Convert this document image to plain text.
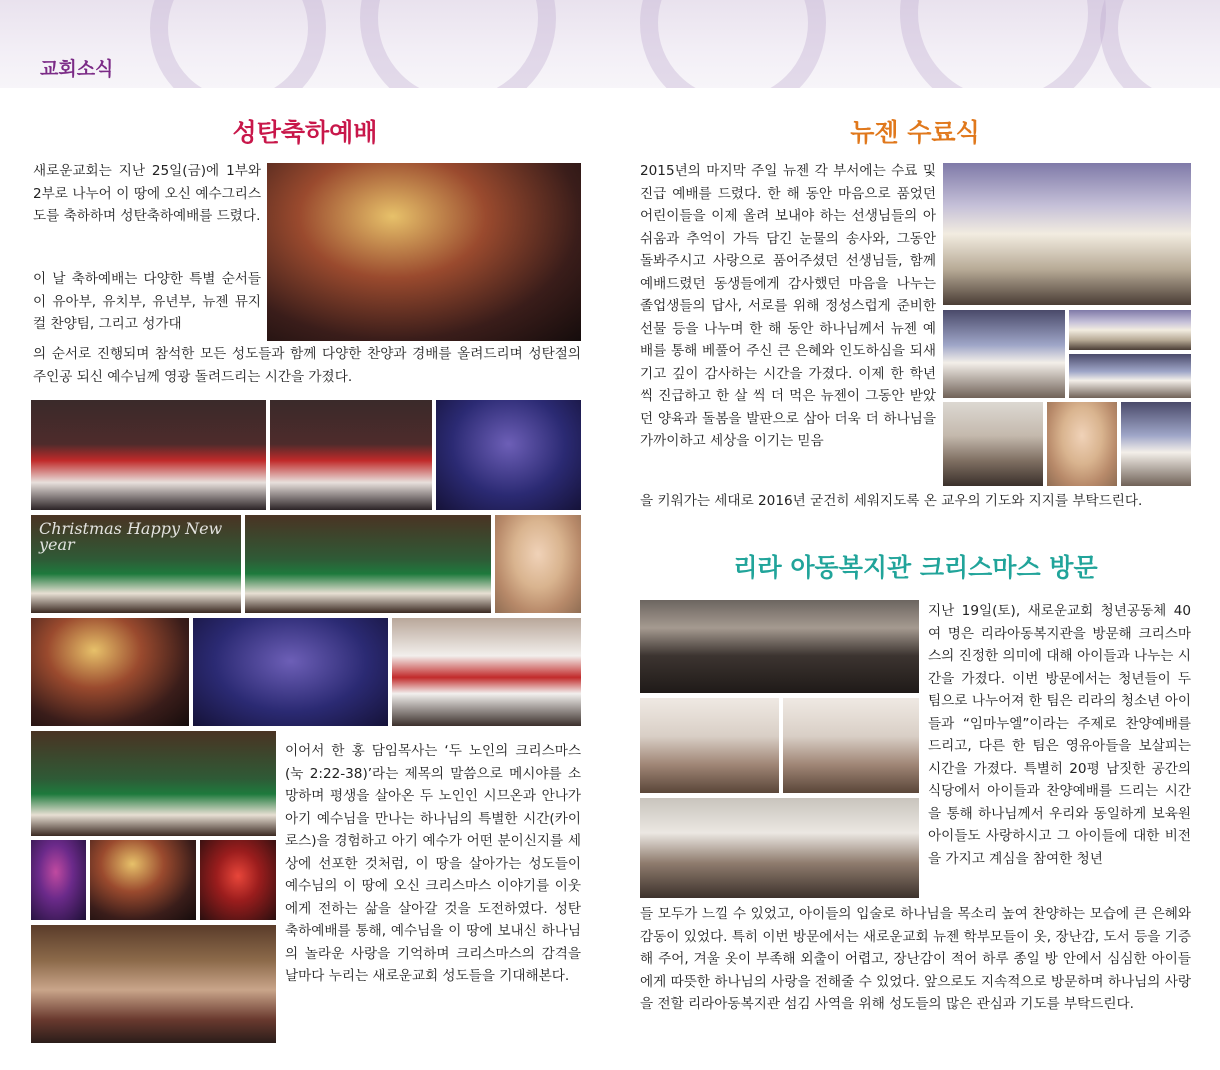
교회소식
성탄축하예배
새로운교회는 지난 25일(금)에 1부와 2부로 나누어 이 땅에 오신 예수그리스도를 축하하며 성탄축하예배를 드렸다.
이 날 축하예배는 다양한 특별 순서들이 유아부, 유치부, 유년부, 뉴젠 뮤지컬 찬양팀, 그리고 성가대
의 순서로 진행되며 참석한 모든 성도들과 함께 다양한 찬양과 경배를 올려드리며 성탄절의 주인공 되신 예수님께 영광 돌려드리는 시간을 가졌다.
Christmas Happy New year
이어서 한 홍 담임목사는 ‘두 노인의 크리스마스(눅 2:22-38)’라는 제목의 말씀으로 메시야를 소망하며 평생을 살아온 두 노인인 시므온과 안나가 아기 예수님을 만나는 하나님의 특별한 시간(카이로스)을 경험하고 아기 예수가 어떤 분이신지를 세상에 선포한 것처럼, 이 땅을 살아가는 성도들이 예수님의 이 땅에 오신 크리스마스 이야기를 이웃에게 전하는 삶을 살아갈 것을 도전하였다. 성탄 축하예배를 통해, 예수님을 이 땅에 보내신 하나님의 놀라운 사랑을 기억하며 크리스마스의 감격을 날마다 누리는 새로운교회 성도들을 기대해본다.
뉴젠 수료식
2015년의 마지막 주일 뉴젠 각 부서에는 수료 및 진급 예배를 드렸다. 한 해 동안 마음으로 품었던 어린이들을 이제 올려 보내야 하는 선생님들의 아쉬움과 추억이 가득 담긴 눈물의 송사와, 그동안 돌봐주시고 사랑으로 품어주셨던 선생님들, 함께 예배드렸던 동생들에게 감사했던 마음을 나누는 졸업생들의 답사, 서로를 위해 정성스럽게 준비한 선물 등을 나누며 한 해 동안 하나님께서 뉴젠 예배를 통해 베풀어 주신 큰 은혜와 인도하심을 되새기고 깊이 감사하는 시간을 가졌다. 이제 한 학년씩 진급하고 한 살 씩 더 먹은 뉴젠이 그동안 받았던 양육과 돌봄을 발판으로 삼아 더욱 더 하나님을 가까이하고 세상을 이기는 믿음
을 키워가는 세대로 2016년 굳건히 세워지도록 온 교우의 기도와 지지를 부탁드린다.
리라 아동복지관 크리스마스 방문
지난 19일(토), 새로운교회 청년공동체 40여 명은 리라아동복지관을 방문해 크리스마스의 진정한 의미에 대해 아이들과 나누는 시간을 가졌다. 이번 방문에서는 청년들이 두 팀으로 나누어져 한 팀은 리라의 청소년 아이들과 “임마누엘”이라는 주제로 찬양예배를 드리고, 다른 한 팀은 영유아들을 보살피는 시간을 가졌다. 특별히 20평 남짓한 공간의 식당에서 아이들과 찬양예배를 드리는 시간을 통해 하나님께서 우리와 동일하게 보육원 아이들도 사랑하시고 그 아이들에 대한 비전을 가지고 계심을 참여한 청년
들 모두가 느낄 수 있었고, 아이들의 입술로 하나님을 목소리 높여 찬양하는 모습에 큰 은혜와 감동이 있었다. 특히 이번 방문에서는 새로운교회 뉴젠 학부모들이 옷, 장난감, 도서 등을 기증해 주어, 겨울 옷이 부족해 외출이 어렵고, 장난감이 적어 하루 종일 방 안에서 심심한 아이들에게 따뜻한 하나님의 사랑을 전해줄 수 있었다. 앞으로도 지속적으로 방문하며 하나님의 사랑을 전할 리라아동복지관 섬김 사역을 위해 성도들의 많은 관심과 기도를 부탁드린다.
